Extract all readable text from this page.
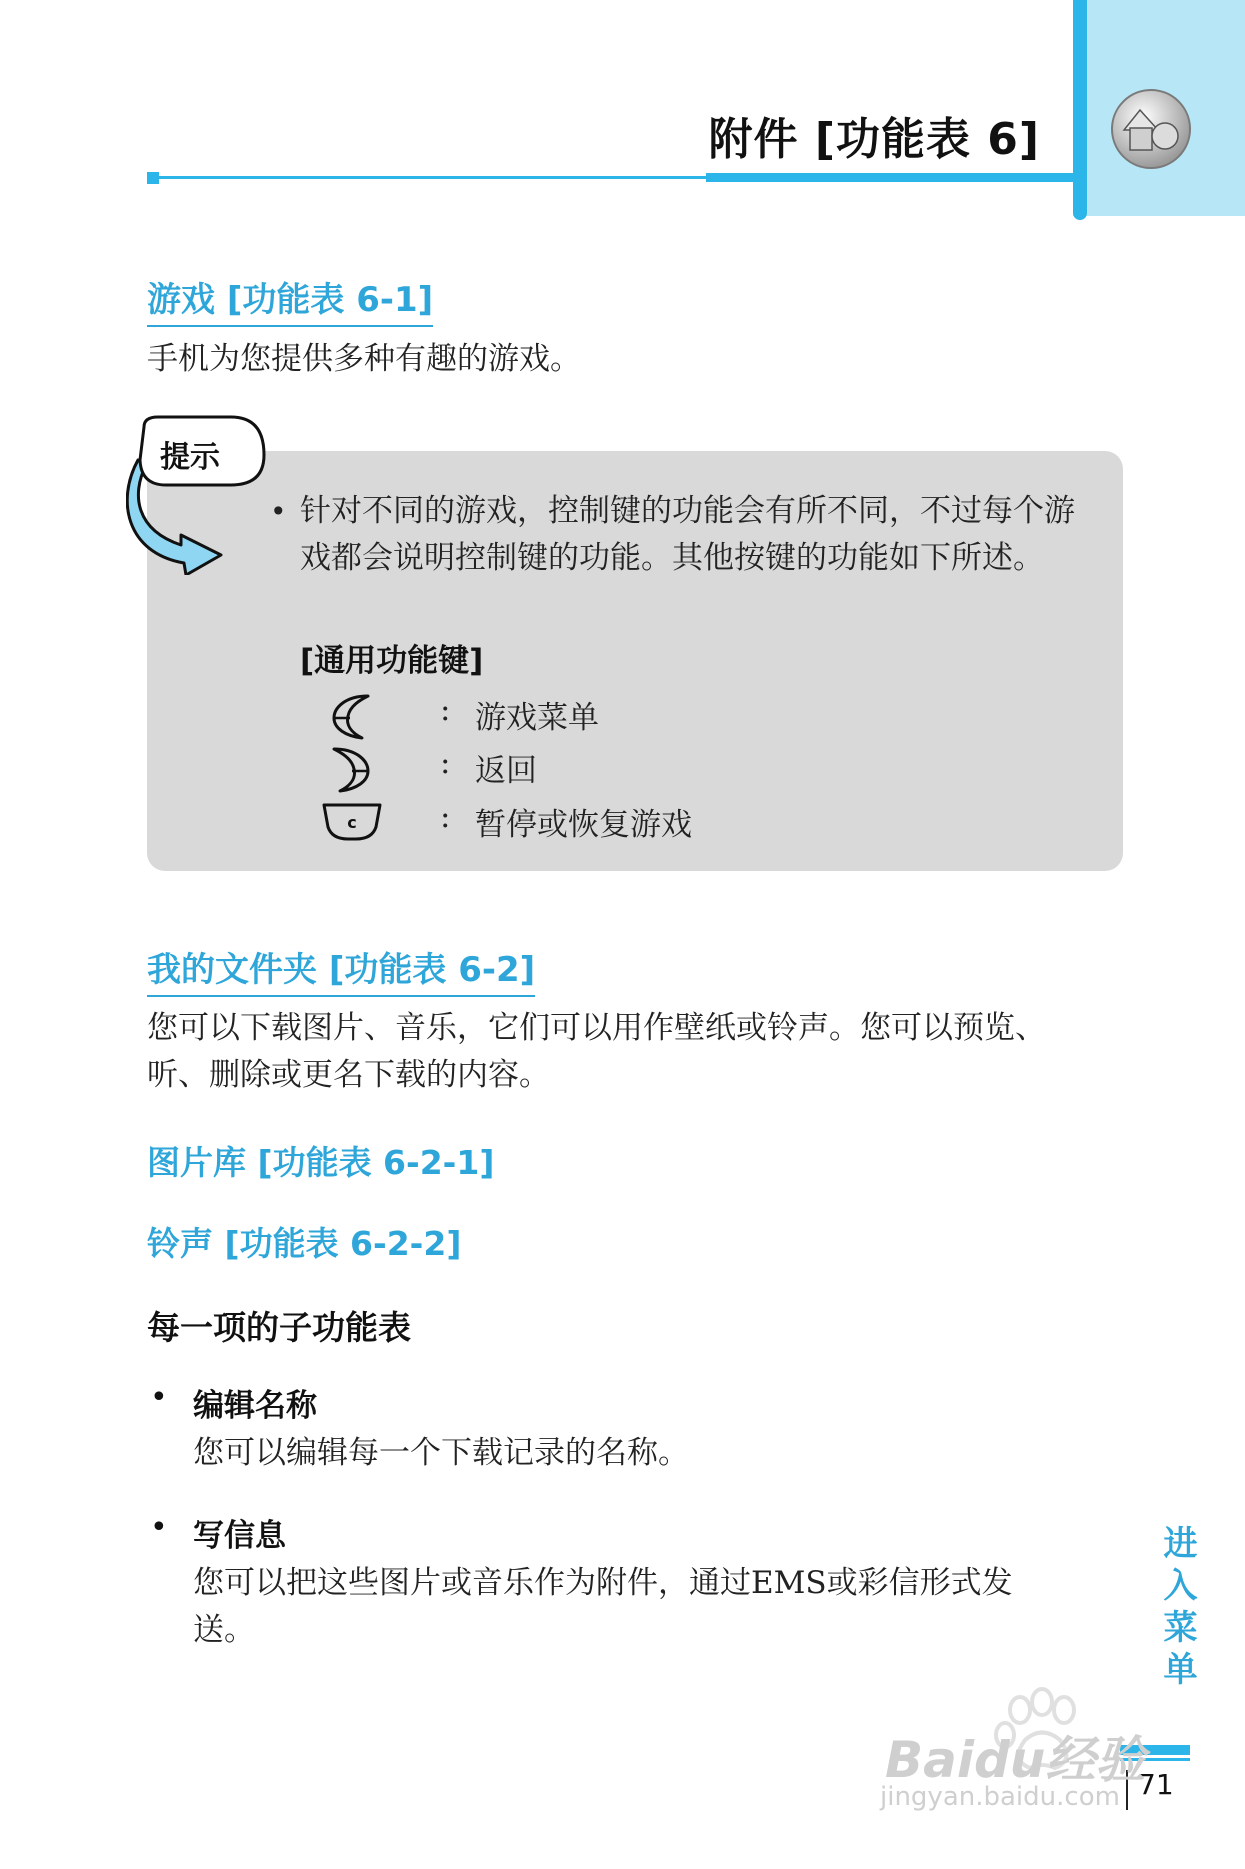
附件 [功能表 6]
游戏 [功能表 6-1]
手机为您提供多种有趣的游戏。
提示
• 针对不同的游戏，控制键的功能会有所不同，不过每个游戏都会说明控制键的功能。其他按键的功能如下所述。
[通用功能键]
: 游戏菜单
: 返回
c	: 暂停或恢复游戏
我的文件夹 [功能表 6-2]
您可以下载图片、音乐，它们可以用作壁纸或铃声。您可以预览、听、删除或更名下载的内容。
图片库 [功能表 6-2-1]
铃声 [功能表 6-2-2]
每一项的子功能表
• 编辑名称
您可以编辑每一个下载记录的名称。
• 写信息
您可以把这些图片或音乐作为附件，通过EMS或彩信形式发送。	进入菜单
71
Baidu经验
jingyan.baidu.com
